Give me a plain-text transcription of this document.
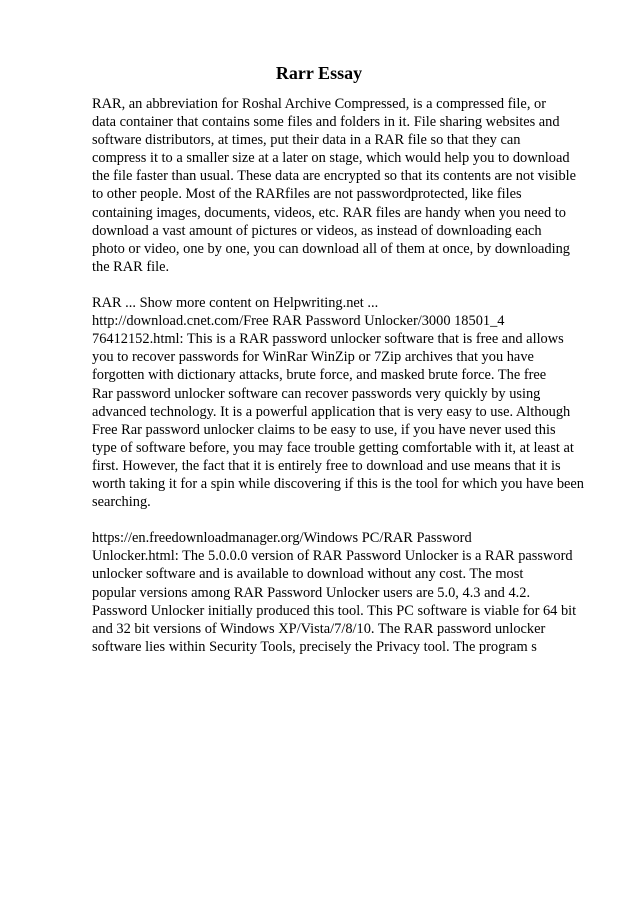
Rarr Essay

RAR, an abbreviation for Roshal Archive Compressed, is a compressed file, or
data container that contains some files and folders in it. File sharing websites and
software distributors, at times, put their data in a RAR file so that they can
compress it to a smaller size at a later on stage, which would help you to download
the file faster than usual. These data are encrypted so that its contents are not visible
to other people. Most of the RARfiles are not passwordprotected, like files
containing images, documents, videos, etc. RAR files are handy when you need to
download a vast amount of pictures or videos, as instead of downloading each
photo or video, one by one, you can download all of them at once, by downloading
the RAR file.

RAR ... Show more content on Helpwriting.net ...
http://download.cnet.com/Free RAR Password Unlocker/3000 18501_4
76412152.html: This is a RAR password unlocker software that is free and allows
you to recover passwords for WinRar WinZip or 7Zip archives that you have
forgotten with dictionary attacks, brute force, and masked brute force. The free
Rar password unlocker software can recover passwords very quickly by using
advanced technology. It is a powerful application that is very easy to use. Although
Free Rar password unlocker claims to be easy to use, if you have never used this
type of software before, you may face trouble getting comfortable with it, at least at
first. However, the fact that it is entirely free to download and use means that it is
worth taking it for a spin while discovering if this is the tool for which you have been
searching.

https://en.freedownloadmanager.org/Windows PC/RAR Password
Unlocker.html: The 5.0.0.0 version of RAR Password Unlocker is a RAR password
unlocker software and is available to download without any cost. The most
popular versions among RAR Password Unlocker users are 5.0, 4.3 and 4.2.
Password Unlocker initially produced this tool. This PC software is viable for 64 bit
and 32 bit versions of Windows XP/Vista/7/8/10. The RAR password unlocker
software lies within Security Tools, precisely the Privacy tool. The program s
